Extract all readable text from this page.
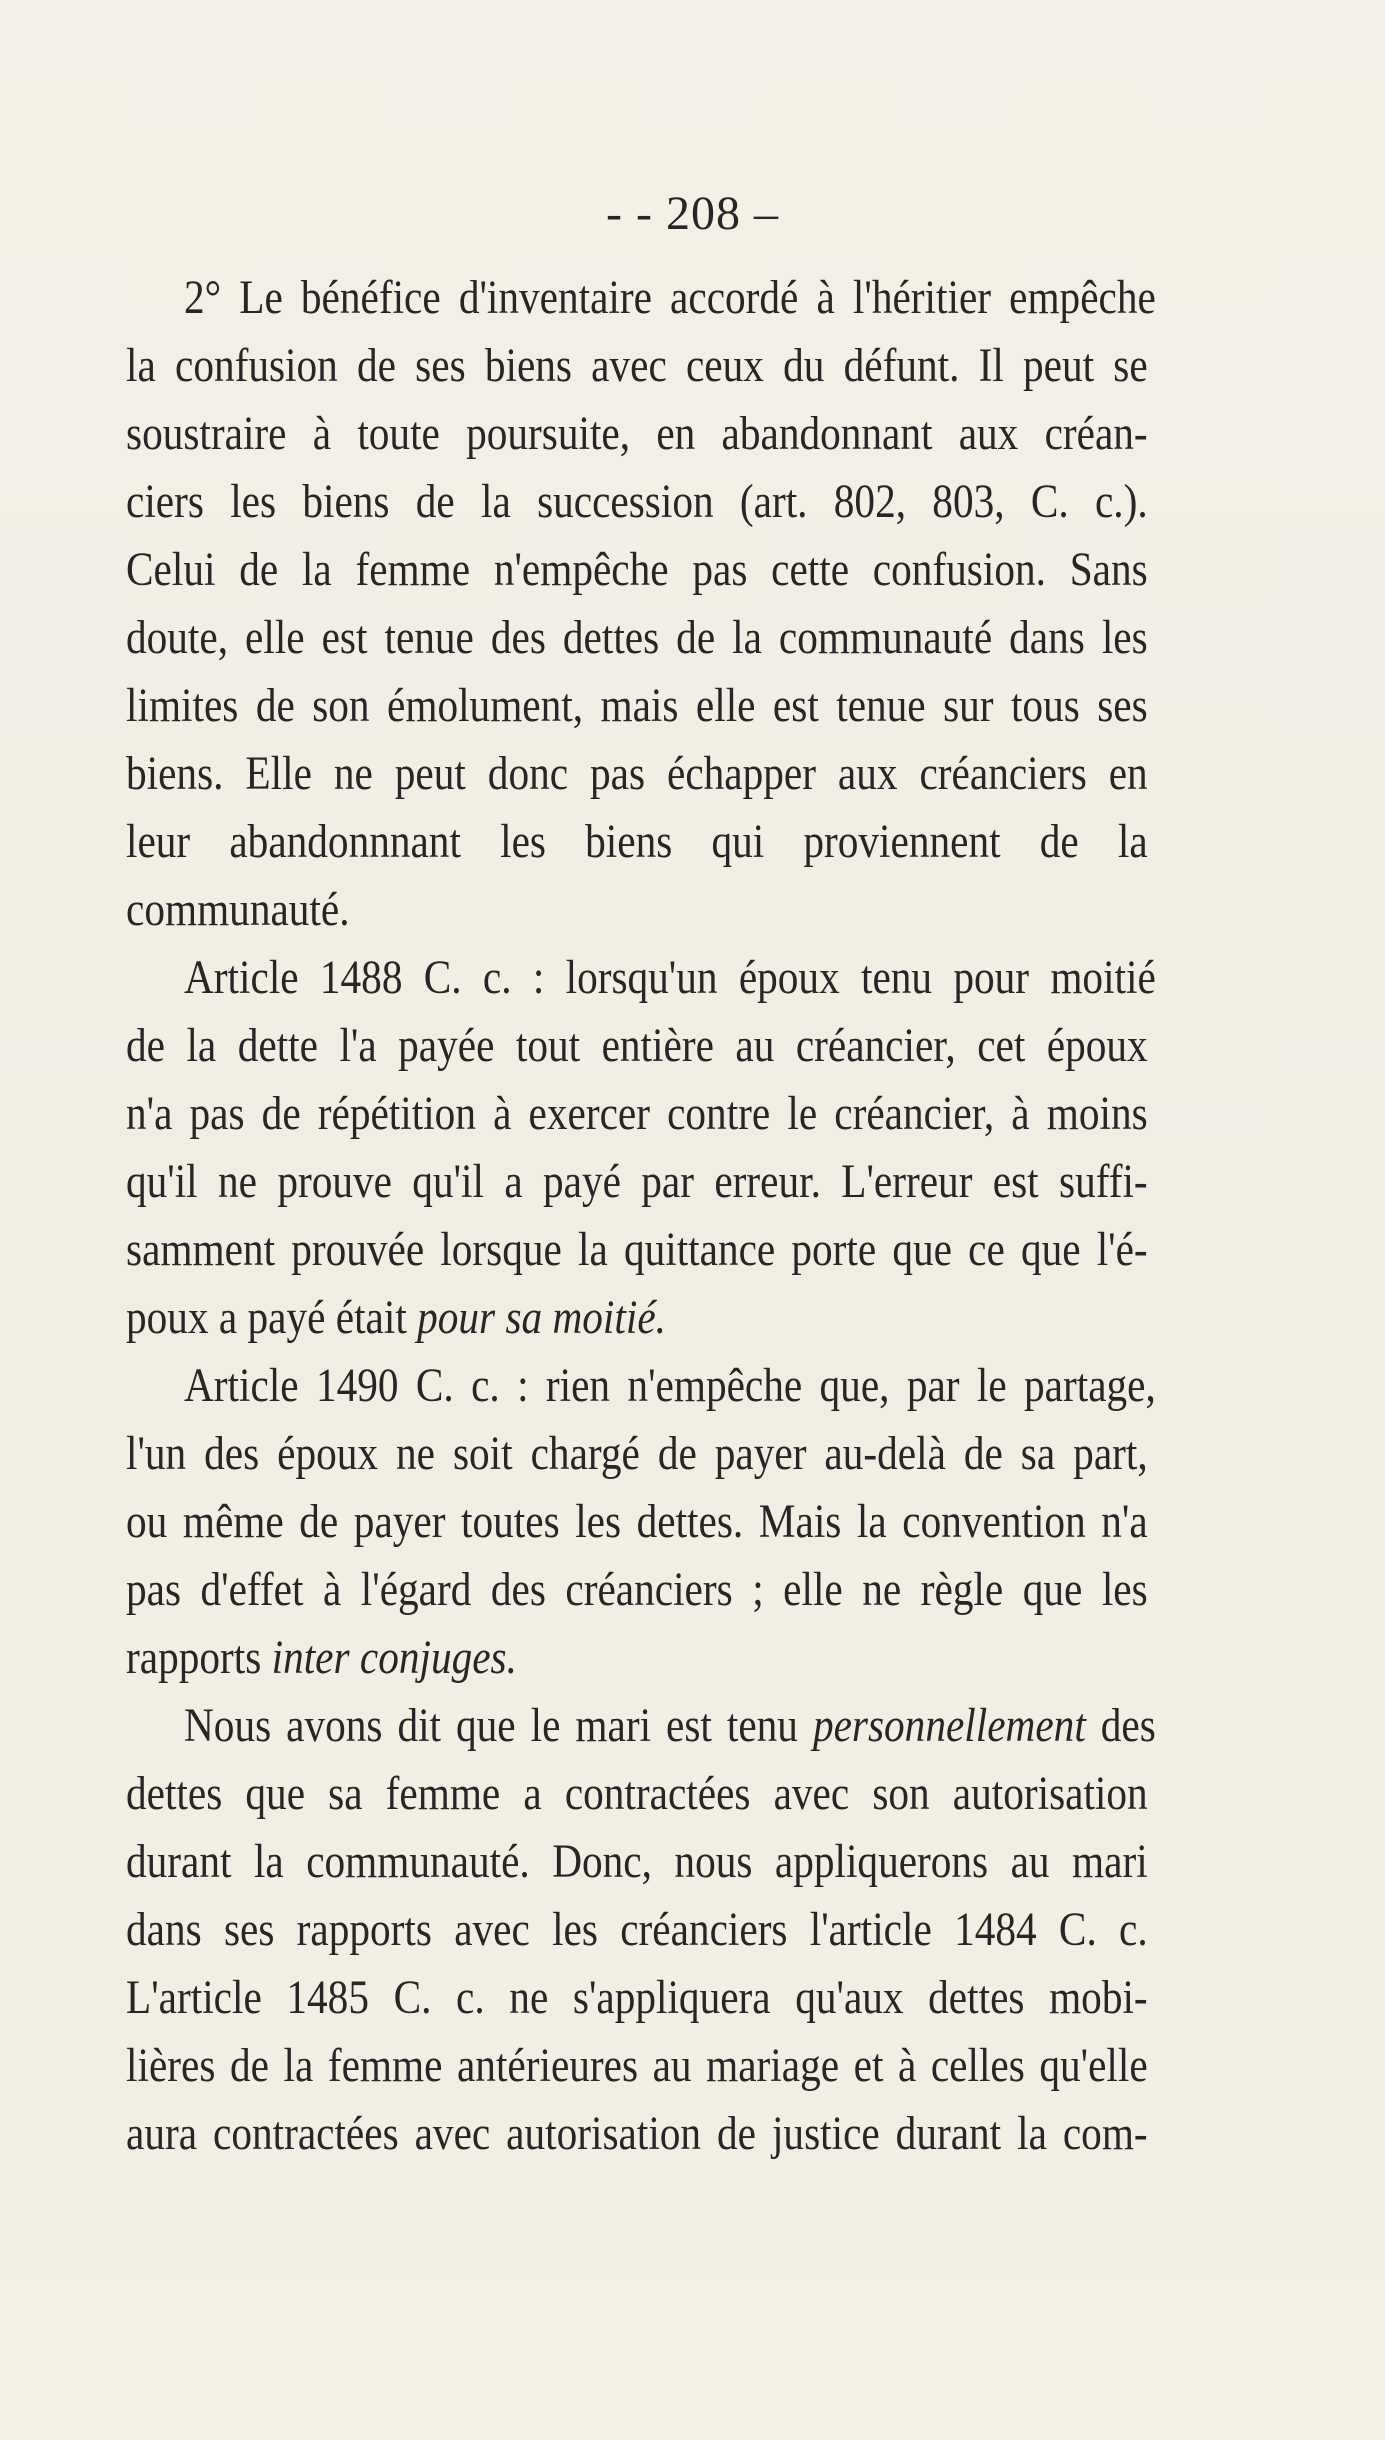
- - 208 –
2° Le bénéfice d'inventaire accordé à l'héritier empêche
la confusion de ses biens avec ceux du défunt. Il peut se
soustraire à toute poursuite, en abandonnant aux créan-
ciers les biens de la succession (art. 802, 803, C. c.).
Celui de la femme n'empêche pas cette confusion. Sans
doute, elle est tenue des dettes de la communauté dans les
limites de son émolument, mais elle est tenue sur tous ses
biens. Elle ne peut donc pas échapper aux créanciers en
leur abandonnnant les biens qui proviennent de la
communauté.
Article 1488 C. c. : lorsqu'un époux tenu pour moitié
de la dette l'a payée tout entière au créancier, cet époux
n'a pas de répétition à exercer contre le créancier, à moins
qu'il ne prouve qu'il a payé par erreur. L'erreur est suffi-
samment prouvée lorsque la quittance porte que ce que l'é-
poux a payé était pour sa moitié.
Article 1490 C. c. : rien n'empêche que, par le partage,
l'un des époux ne soit chargé de payer au-delà de sa part,
ou même de payer toutes les dettes. Mais la convention n'a
pas d'effet à l'égard des créanciers ; elle ne règle que les
rapports inter conjuges.
Nous avons dit que le mari est tenu personnellement des
dettes que sa femme a contractées avec son autorisation
durant la communauté. Donc, nous appliquerons au mari
dans ses rapports avec les créanciers l'article 1484 C. c.
L'article 1485 C. c. ne s'appliquera qu'aux dettes mobi-
lières de la femme antérieures au mariage et à celles qu'elle
aura contractées avec autorisation de justice durant la com-
